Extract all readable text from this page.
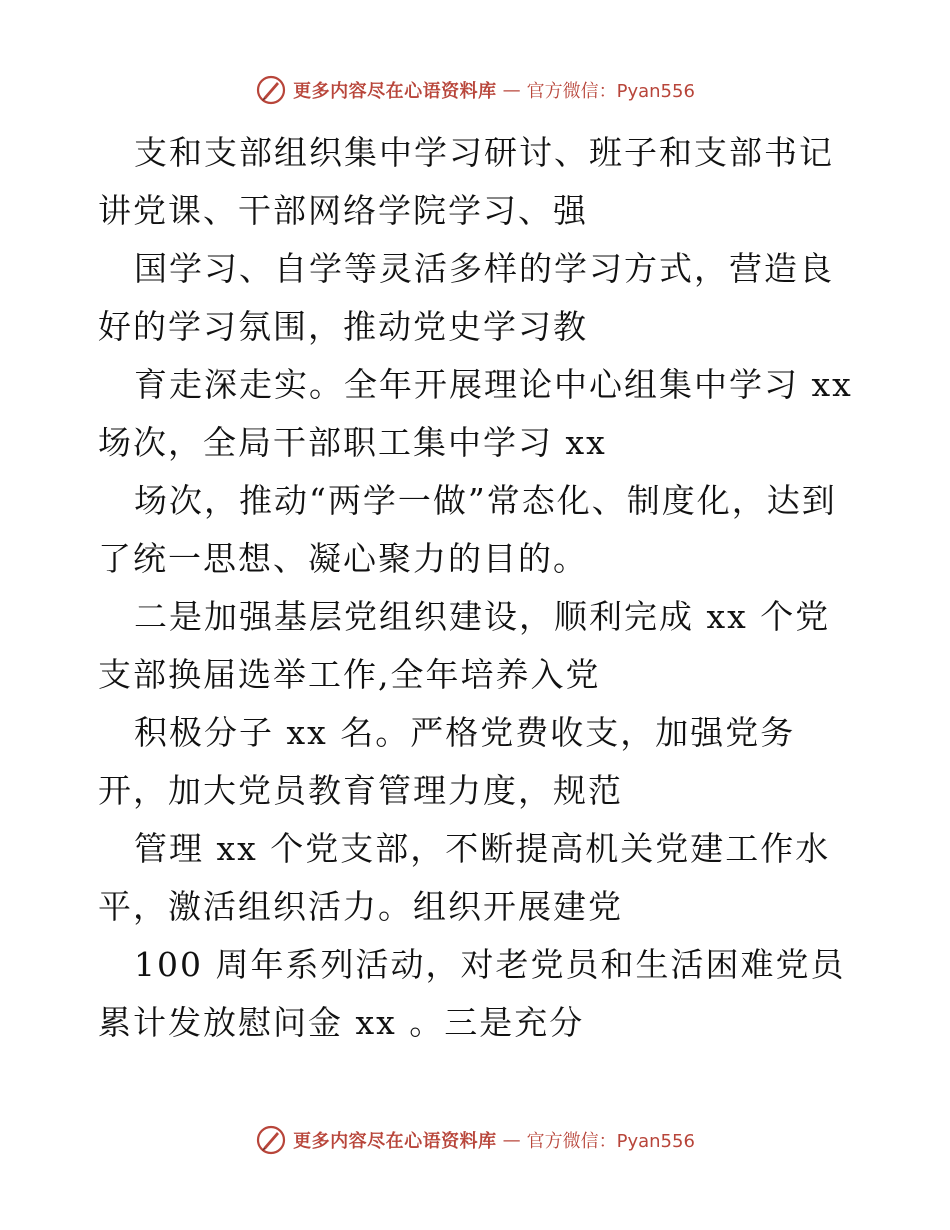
更多内容尽在心语资料库 — 官方微信：Pyan556

支和支部组织集中学习研讨、班子和支部书记讲党课、干部网络学院学习、强

国学习、自学等灵活多样的学习方式，营造良好的学习氛围，推动党史学习教

育走深走实。全年开展理论中心组集中学习 xx 场次，全局干部职工集中学习 xx

场次，推动“两学一做”常态化、制度化，达到了统一思想、凝心聚力的目的。

二是加强基层党组织建设，顺利完成 xx 个党支部换届选举工作,全年培养入党

积极分子 xx 名。严格党费收支，加强党务开，加大党员教育管理力度，规范

管理 xx 个党支部，不断提高机关党建工作水平，激活组织活力。组织开展建党

100 周年系列活动，对老党员和生活困难党员累计发放慰问金 xx 。三是充分

更多内容尽在心语资料库 — 官方微信：Pyan556
